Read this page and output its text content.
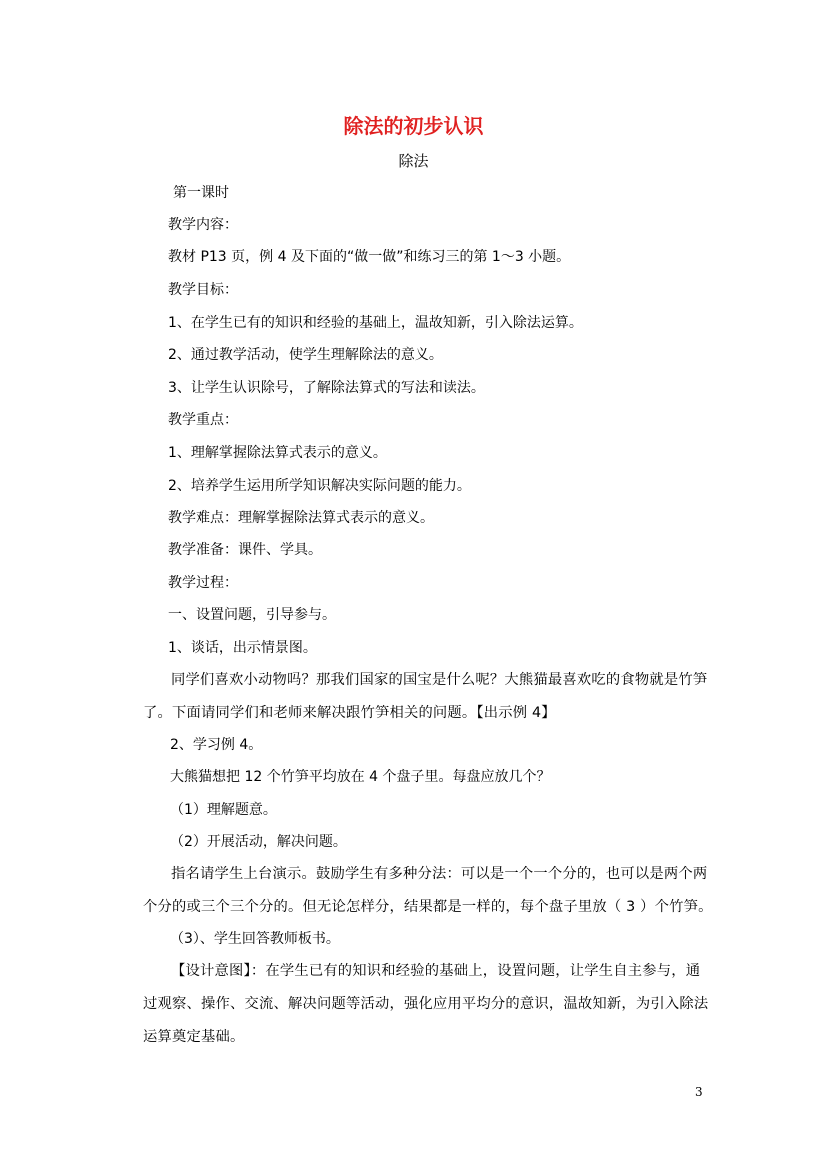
除法的初步认识
除法
第一课时
教学内容：
教材 P13 页，例 4 及下面的“做一做”和练习三的第 1～3 小题。
教学目标：
1、在学生已有的知识和经验的基础上，温故知新，引入除法运算。
2、通过教学活动，使学生理解除法的意义。
3、让学生认识除号，了解除法算式的写法和读法。
教学重点：
1、理解掌握除法算式表示的意义。
2、培养学生运用所学知识解决实际问题的能力。
教学难点：理解掌握除法算式表示的意义。
教学准备：课件、学具。
教学过程：
一、设置问题，引导参与。
1、谈话，出示情景图。
同学们喜欢小动物吗？那我们国家的国宝是什么呢？大熊猫最喜欢吃的食物就是竹笋了。下面请同学们和老师来解决跟竹笋相关的问题。【出示例 4】
2、学习例 4。
大熊猫想把 12 个竹笋平均放在 4 个盘子里。每盘应放几个？
（1）理解题意。
（2）开展活动，解决问题。
指名请学生上台演示。鼓励学生有多种分法：可以是一个一个分的，也可以是两个两个分的或三个三个分的。但无论怎样分，结果都是一样的，每个盘子里放（ 3 ）个竹笋。
（3）、学生回答教师板书。
【设计意图】：在学生已有的知识和经验的基础上，设置问题，让学生自主参与，通过观察、操作、交流、解决问题等活动，强化应用平均分的意识，温故知新，为引入除法运算奠定基础。
3
